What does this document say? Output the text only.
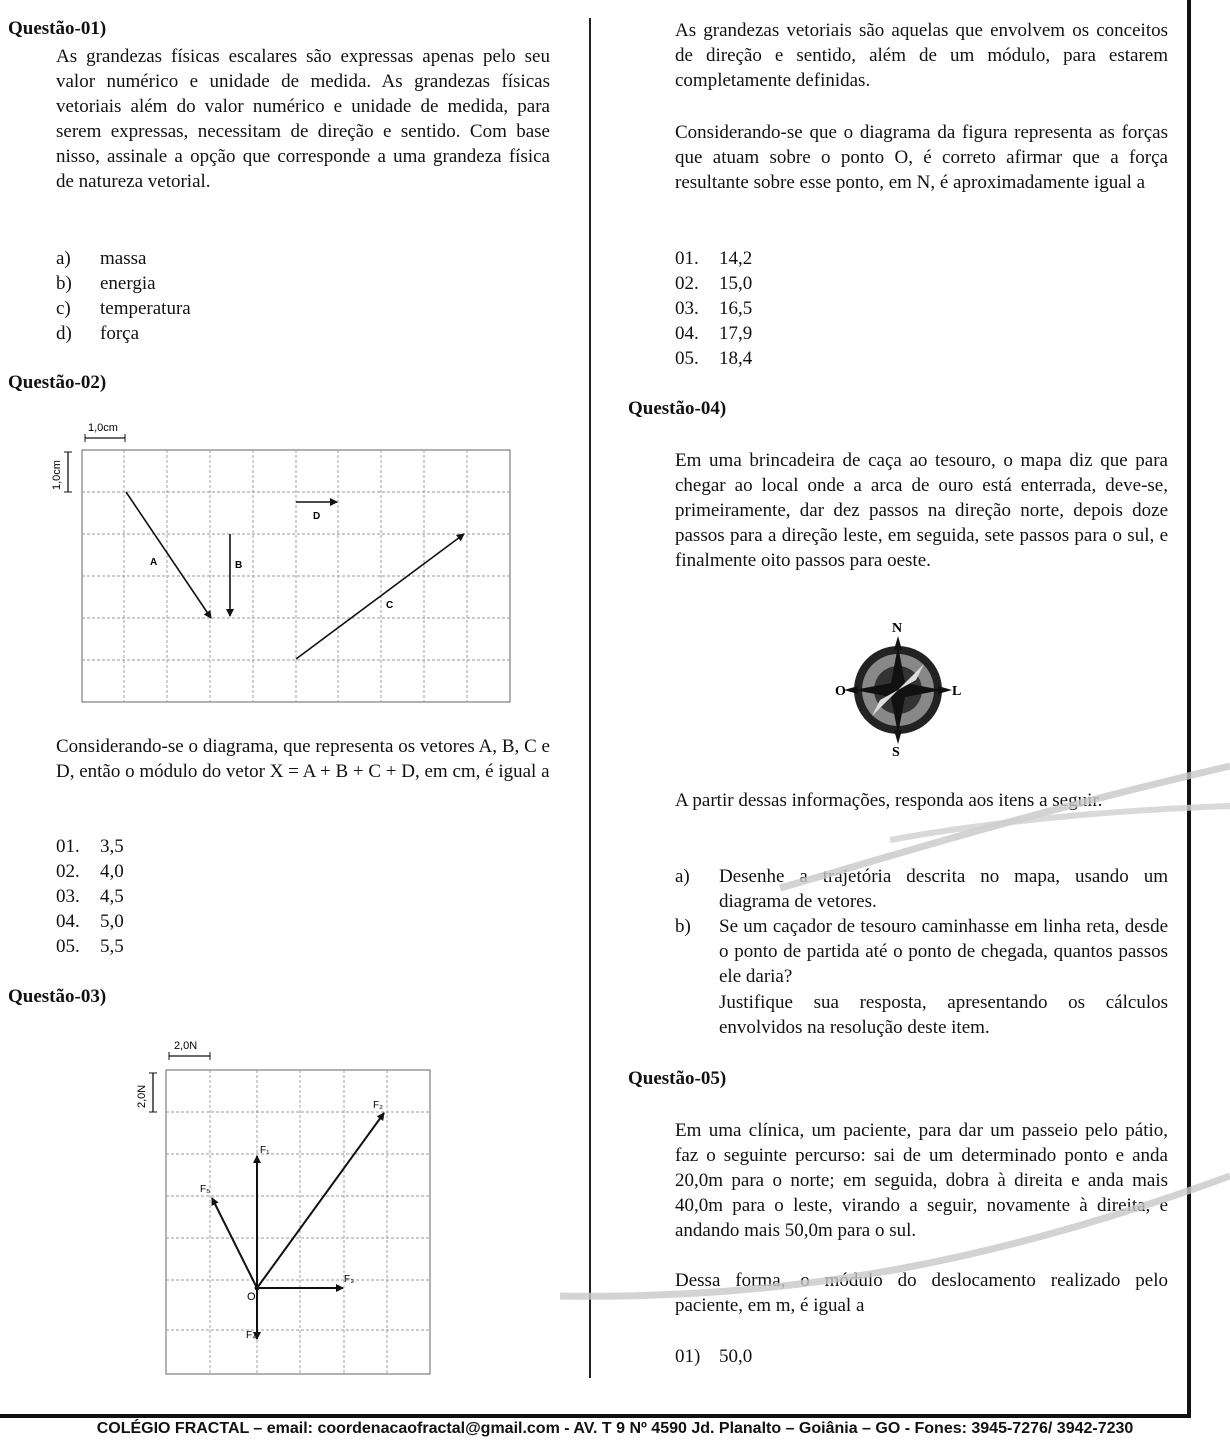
Questão-01)
As grandezas físicas escalares são expressas apenas pelo seu valor numérico e unidade de medida. As grandezas físicas vetoriais além do valor numérico e unidade de medida, para serem expressas, necessitam de direção e sentido. Com base nisso, assinale a opção que corresponde a uma grandeza física de natureza vetorial.
a) massa
b) energia
c) temperatura
d) força
Questão-02)
1,0cm
1,0cm
A	B
C
D
Considerando-se o diagrama, que representa os vetores A, B, C e D, então o módulo do vetor X = A + B + C + D, em cm, é igual a
01. 3,5
02. 4,0
03. 4,5
04. 5,0
05. 5,5
Questão-03)
2,0N
2,0N
F₁
F₂
F₃
F₄
F₅
O
As grandezas vetoriais são aquelas que envolvem os conceitos de direção e sentido, além de um módulo, para estarem completamente definidas.
Considerando-se que o diagrama da figura representa as forças que atuam sobre o ponto O, é correto afirmar que a força resultante sobre esse ponto, em N, é aproximadamente igual a
01. 14,2
02. 15,0
03. 16,5
04. 17,9
05. 18,4
Questão-04)
Em uma brincadeira de caça ao tesouro, o mapa diz que para chegar ao local onde a arca de ouro está enterrada, deve-se, primeiramente, dar dez passos na direção norte, depois doze passos para a direção leste, em seguida, sete passos para o sul, e finalmente oito passos para oeste.
N
S
O	L
A partir dessas informações, responda aos itens a seguir.
a) Desenhe a trajetória descrita no mapa, usando um diagrama de vetores.
b) Se um caçador de tesouro caminhasse em linha reta, desde o ponto de partida até o ponto de chegada, quantos passos ele daria?
Justifique sua resposta, apresentando os cálculos envolvidos na resolução deste item.
Questão-05)
Em uma clínica, um paciente, para dar um passeio pelo pátio, faz o seguinte percurso: sai de um determinado ponto e anda 20,0m para o norte; em seguida, dobra à direita e anda mais 40,0m para o leste, virando a seguir, novamente à direita, e andando mais 50,0m para o sul.
Dessa forma, o módulo do deslocamento realizado pelo paciente, em m, é igual a
01) 50,0
COLÉGIO FRACTAL – email: coordenacaofractal@gmail.com - AV. T 9 Nº 4590 Jd. Planalto – Goiânia – GO - Fones: 3945-7276/ 3942-7230
